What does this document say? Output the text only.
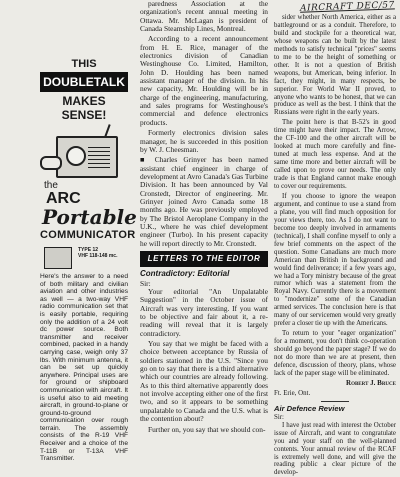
AIRCRAFT DEC/57
THIS
DOUBLETALK
MAKES SENSE!
the
ARC
Portable
COMMUNICATOR
TYPE 12
VHF 118-148 mc.
Here's the answer to a need of both military and civilian aviation and other industries as well — a two-way VHF radio communication set that is easily portable, requiring only the addition of a 24 volt dc power source. Both transmitter and receiver combined, packed in a handy carrying case, weigh only 37 lbs. With minimum antenna, it can be set up quickly anywhere. Principal uses are for ground or shipboard communication with aircraft. It is useful also to aid meeting aircraft, in ground-to-plane or ground-to-ground communication over rough terrain. The assembly consists of the R-19 VHF Receiver and a choice of the T-11B or T-13A VHF Transmitter.

paredness Association at the organization's recent annual meeting in Ottawa. Mr. McLagan is president of Canada Steamship Lines, Montreal.

According to a recent announcement from H. E. Rice, manager of the electronics division of Canadian Westinghouse Co. Limited, Hamilton, John D. Houlding has been named assistant manager of the division. In his new capacity, Mr. Houlding will be in charge of the engineering, manufacturing, and sales programs for Westinghouse's commercial and defence electronics products.

Formerly electronics division sales manager, he is succeeded in this position by W. J. Cheesman.

■ Charles Grinyer has been named assistant chief engineer in charge of development at Avro Canada's Gas Turbine Division. It has been announced by Val Cronstedt, Director of engineering. Mr. Grinyer joined Avro Canada some 18 months ago. He was previously employed by The Bristol Aeroplane Company in the U.K., where he was chief development engineer (Turbo). In his present capacity he will report directly to Mr. Cronstedt.

LETTERS TO THE EDITOR
Contradictory: Editorial

Sir:

Your editorial "An Unpalatable Suggestion" in the October issue of Aircraft was very interesting. If you want to be objective and fair about it, a re-reading will reveal that it is largely contradictory.

You say that we might be faced with a choice between acceptance by Russia of soldiers stationed in the U.S. "Since you go on to say that there is a third alternative which our countries are already following. As to this third alternative apparently does not involve accepting either one of the first two, and so it appears to be something unpalatable to Canada and the U.S. what is the contention about?

Further on, you say that we should con-

sider whether North America, either as a battleground or as a conduit. Therefore, to build and stockpile for a theoretical war, whose weapons can be built by the latest methods to satisfy technical "prices" seems to me to be the height of something or other. It is not a question of British weapons, but American, being inferior. In fact, they might, in many respects, be superior. For World War II proved, to anyone who wants to be honest, that we can produce as well as the best. I think that the Russians were right in the early years.

The point here is that B-52's in good time might have their impact. The Arrow, the CF-100 and the other aircraft will be looked at much more carefully and fine-tuned at much less expense. And at the same time more and better aircraft will be called upon to prove our needs. The only trade is that England cannot make enough to cover our requirements.

If you choose to ignore the weapon argument, and continue to use a stand from a plane, you will find much opposition for your views there, too. As I do not want to become too deeply involved in armaments (technical), I shall confine myself to only a few brief comments on the aspect of the question. Some Canadians are much more American than British in background and would find deliverance; if a few years ago, we had a Tory ministry because of the great rumor which was a statement from the Royal Navy. Currently there is a movement to "modernize" some of the Canadian armed services. The conclusion here is that many of our servicemen would very greatly prefer a closer tie up with the Americans.

To return to your "eager organization" for a moment, you don't think co-operation should go beyond the paper stage? If we do not do more than we are at present, then defence, discussion of theory, plans, whose lack of the paper stage will be eliminated.

Robert J. Bruce

Ft. Erie, Ont.

Air Defence Review

Sir:

I have just read with interest the October issue of Aircraft, and want to congratulate you and your staff on the well-planned contents. Your annual review of the RCAF is extremely well done, and will give the reading public a clear picture of the develop-
